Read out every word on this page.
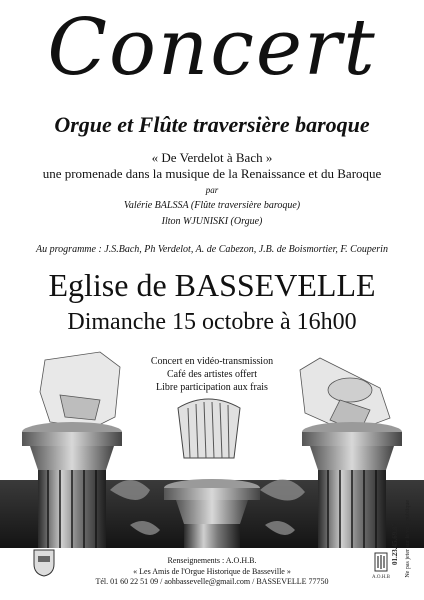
Concert
Orgue et Flûte traversière baroque
« De Verdelot à Bach »
une promenade dans la musique de la Renaissance et du Baroque
par
Valérie BALSSA (Flûte traversière baroque)
Ilton WJUNISKI (Orgue)
Au programme : J.S.Bach, Ph Verdelot, A. de Cabezon, J.B. de Boismortier, F. Couperin
Eglise de BASSEVELLE
Dimanche 15 octobre à 16h00
Concert en vidéo-transmission
Café des artistes offert
Libre participation aux frais
A.O.H.B
Renseignements : A.O.H.B.
« Les Amis de l'Orgue Historique de Basseville »
Tél. 01 60 22 51 09 / aohbassevelle@gmail.com / BASSEVELLE 77750
01.23.45.69.87 Ne pas jeter sur la voie publique
